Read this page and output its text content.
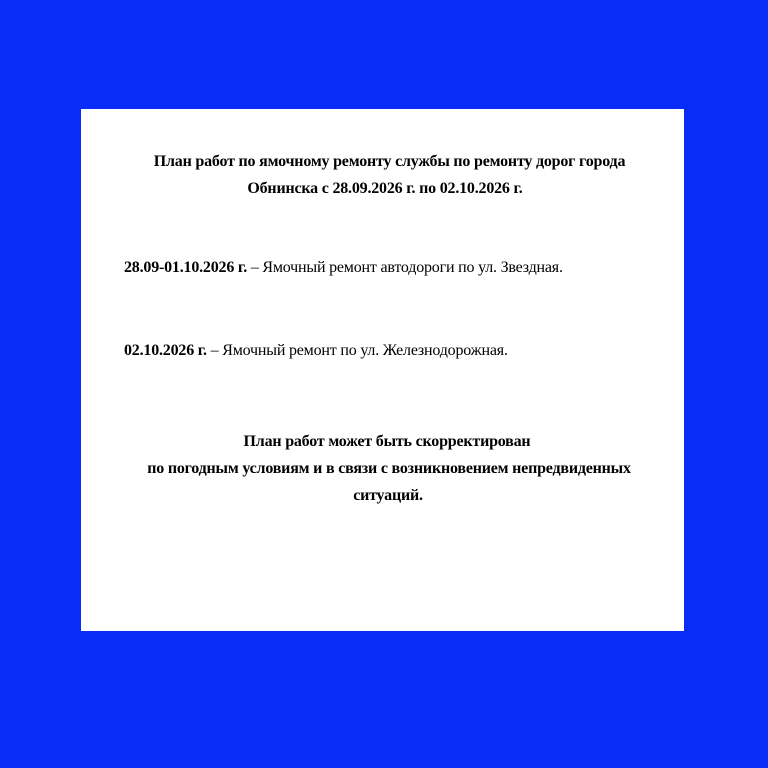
План работ по ямочному ремонту службы по ремонту дорог города
Обнинска с 28.09.2026 г. по 02.10.2026 г.

28.09-01.10.2026 г. – Ямочный ремонт автодороги по ул. Звездная.

02.10.2026 г. – Ямочный ремонт по ул. Железнодорожная.

План работ может быть скорректирован
по погодным условиям и в связи с возникновением непредвиденных
ситуаций.
